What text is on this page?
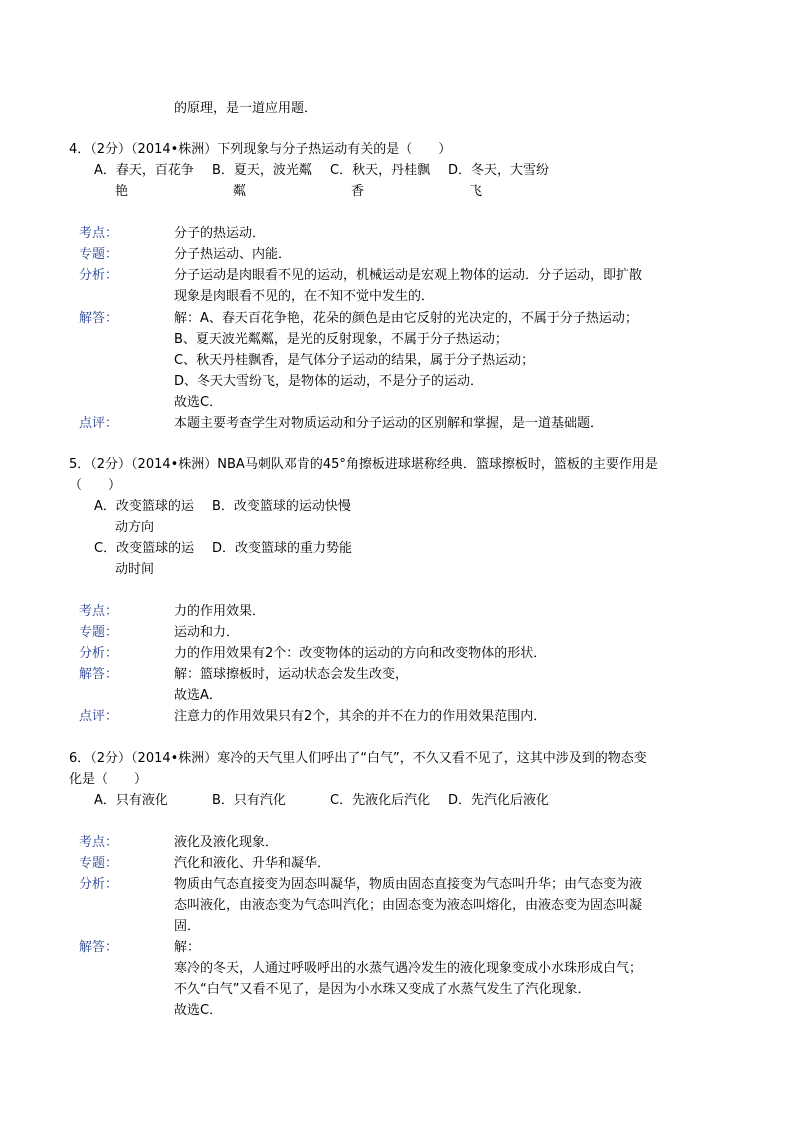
的原理，是一道应用题．
4．（2分）（2014•株洲）下列现象与分子热运动有关的是（　　）
A．春天，百花争
艳
B．夏天，波光粼
粼
C．秋天，丹桂飘
香
D．冬天，大雪纷
飞
考点：	分子的热运动．
专题：	分子热运动、内能．
分析：	分子运动是肉眼看不见的运动，机械运动是宏观上物体的运动．分子运动，即扩散
现象是肉眼看不见的，在不知不觉中发生的．
解答：	解：A、春天百花争艳，花朵的颜色是由它反射的光决定的，不属于分子热运动；
B、夏天波光粼粼，是光的反射现象，不属于分子热运动；
C、秋天丹桂飘香，是气体分子运动的结果，属于分子热运动；
D、冬天大雪纷飞，是物体的运动，不是分子的运动．
故选C．
点评：	本题主要考查学生对物质运动和分子运动的区别解和掌握，是一道基础题．
5．（2分）（2014•株洲）NBA马刺队邓肯的45°角擦板进球堪称经典．篮球擦板时，篮板的主要作用是
（　　）
A．改变篮球的运
动方向
B．改变篮球的运动快慢
C．改变篮球的运
动时间
D．改变篮球的重力势能
考点：	力的作用效果．
专题：	运动和力．
分析：	力的作用效果有2个：改变物体的运动的方向和改变物体的形状．
解答：	解：篮球擦板时，运动状态会发生改变，
故选A．
点评：	注意力的作用效果只有2个，其余的并不在力的作用效果范围内．
6．（2分）（2014•株洲）寒冷的天气里人们呼出了“白气”，不久又看不见了，这其中涉及到的物态变
化是（　　）
A．只有液化	B．只有汽化	C．先液化后汽化 D．先汽化后液化
考点：	液化及液化现象．
专题：	汽化和液化、升华和凝华．
分析：	物质由气态直接变为固态叫凝华，物质由固态直接变为气态叫升华；由气态变为液
态叫液化，由液态变为气态叫汽化；由固态变为液态叫熔化，由液态变为固态叫凝
固．
解答：	解：
寒冷的冬天，人通过呼吸呼出的水蒸气遇冷发生的液化现象变成小水珠形成白气；
不久“白气”又看不见了，是因为小水珠又变成了水蒸气发生了汽化现象．
故选C．
